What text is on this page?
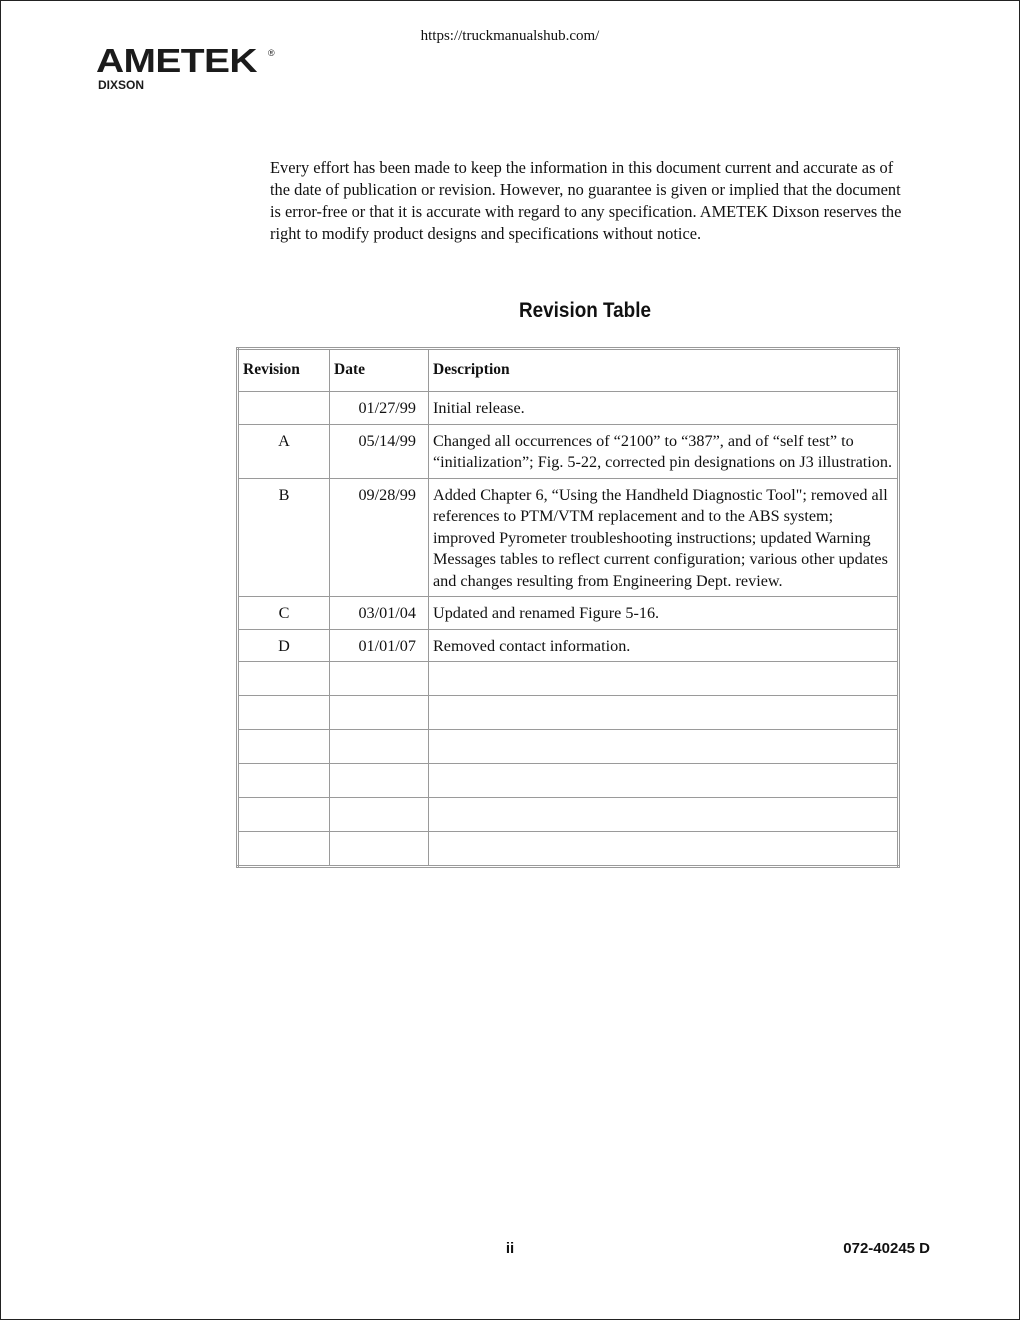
https://truckmanualshub.com/
AMETEK ®
DIXSON

Every effort has been made to keep the information in this document current and accurate as of the date of publication or revision. However, no guarantee is given or implied that the document is error-free or that it is accurate with regard to any specification. AMETEK Dixson reserves the right to modify product designs and specifications without notice.

Revision Table
Revision	Date	Description
	01/27/99	Initial release.
A	05/14/99	Changed all occurrences of “2100” to “387”, and of “self test” to “initialization”; Fig. 5-22, corrected pin designations on J3 illustration.
B	09/28/99	Added Chapter 6, “Using the Handheld Diagnostic Tool"; removed all references to PTM/VTM replacement and to the ABS system; improved Pyrometer troubleshooting instructions; updated Warning Messages tables to reflect current configuration; various other updates and changes resulting from Engineering Dept. review.
C	03/01/04	Updated and renamed Figure 5-16.
D	01/01/07	Removed contact information.

ii	072-40245 D
